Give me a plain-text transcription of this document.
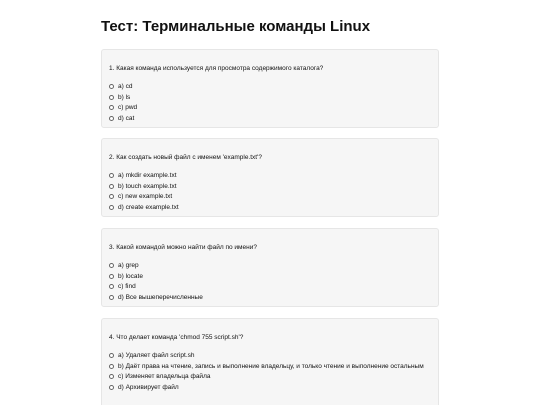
Тест: Терминальные команды Linux

1. Какая команда используется для просмотра содержимого каталога?

a) cd
b) ls
c) pwd
d) cat

2. Как создать новый файл с именем 'example.txt'?

a) mkdir example.txt
b) touch example.txt
c) new example.txt
d) create example.txt

3. Какой командой можно найти файл по имени?

a) grep
b) locate
c) find
d) Все вышеперечисленные

4. Что делает команда 'chmod 755 script.sh'?

a) Удаляет файл script.sh
b) Даёт права на чтение, запись и выполнение владельцу, и только чтение и выполнение остальным
c) Изменяет владельца файла
d) Архивирует файл
